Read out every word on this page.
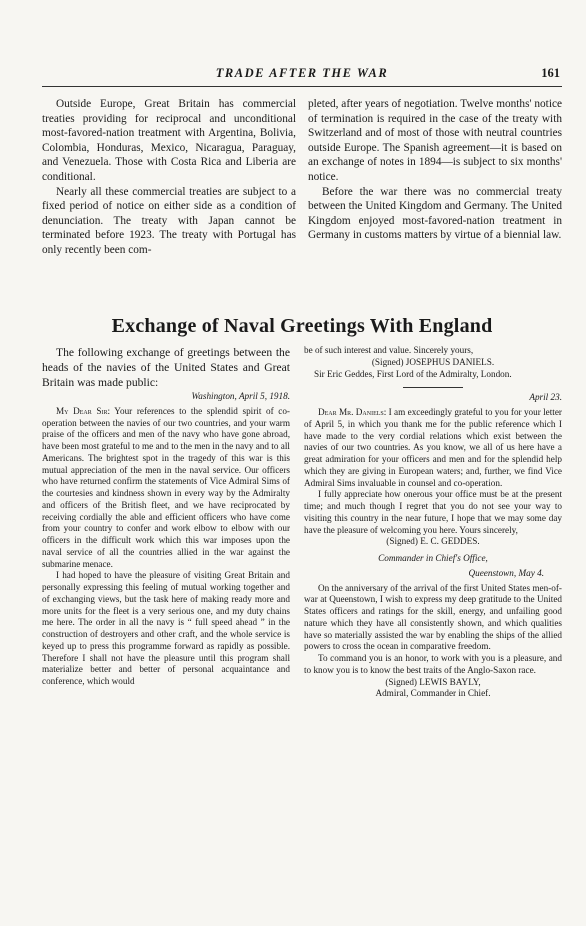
TRADE AFTER THE WAR	161

Outside Europe, Great Britain has commercial treaties providing for reciprocal and unconditional most-favored-nation treatment with Argentina, Bolivia, Colombia, Honduras, Mexico, Nicaragua, Paraguay, and Venezuela. Those with Costa Rica and Liberia are conditional.

Nearly all these commercial treaties are subject to a fixed period of notice on either side as a condition of denunciation. The treaty with Japan cannot be terminated before 1923. The treaty with Portugal has only recently been com-

pleted, after years of negotiation. Twelve months' notice of termination is required in the case of the treaty with Switzerland and of most of those with neutral countries outside Europe. The Spanish agreement—it is based on an exchange of notes in 1894—is subject to six months' notice.

Before the war there was no commercial treaty between the United Kingdom and Germany. The United Kingdom enjoyed most-favored-nation treatment in Germany in customs matters by virtue of a biennial law.

Exchange of Naval Greetings With England

The following exchange of greetings between the heads of the navies of the United States and Great Britain was made public:

Washington, April 5, 1918.

My Dear Sir: Your references to the splendid spirit of co-operation between the navies of our two countries, and your warm praise of the officers and men of the navy who have gone abroad, have been most grateful to me and to the men in the navy and to all Americans. The brightest spot in the tragedy of this war is this mutual appreciation of the men in the naval service. Our officers who have returned confirm the statements of Vice Admiral Sims of the courtesies and kindness shown in every way by the Admiralty and officers of the British fleet, and we have reciprocated by receiving cordially the able and efficient officers who have come from your country to confer and work elbow to elbow with our officers in the difficult work which this war imposes upon the naval service of all the countries allied in the war against the submarine menace.

I had hoped to have the pleasure of visiting Great Britain and personally expressing this feeling of mutual working together and of exchanging views, but the task here of making ready more and more units for the fleet is a very serious one, and my duty chains me here. The order in all the navy is “ full speed ahead ” in the construction of destroyers and other craft, and the whole service is keyed up to press this programme forward as rapidly as possible. Therefore I shall not have the pleasure until this program shall materialize better and better of personal acquaintance and conference, which would

be of such interest and value. Sincerely yours,

(Signed) JOSEPHUS DANIELS.

Sir Eric Geddes, First Lord of the Admiralty, London.

April 23.

Dear Mr. Daniels: I am exceedingly grateful to you for your letter of April 5, in which you thank me for the public reference which I have made to the very cordial relations which exist between the navies of our two countries. As you know, we all of us here have a great admiration for your officers and men and for the splendid help which they are giving in European waters; and, further, we find Vice Admiral Sims invaluable in counsel and co-operation.

I fully appreciate how onerous your office must be at the present time; and much though I regret that you do not see your way to visiting this country in the near future, I hope that we may some day have the pleasure of welcoming you here. Yours sincerely,

(Signed) E. C. GEDDES.
Commander in Chief's Office,
Queenstown, May 4.

On the anniversary of the arrival of the first United States men-of-war at Queenstown, I wish to express my deep gratitude to the United States officers and ratings for the skill, energy, and unfailing good nature which they have all consistently shown, and which qualities have so materially assisted the war by enabling the ships of the allied powers to cross the ocean in comparative freedom.

To command you is an honor, to work with you is a pleasure, and to know you is to know the best traits of the Anglo-Saxon race.

(Signed) LEWIS BAYLY,
Admiral, Commander in Chief.
